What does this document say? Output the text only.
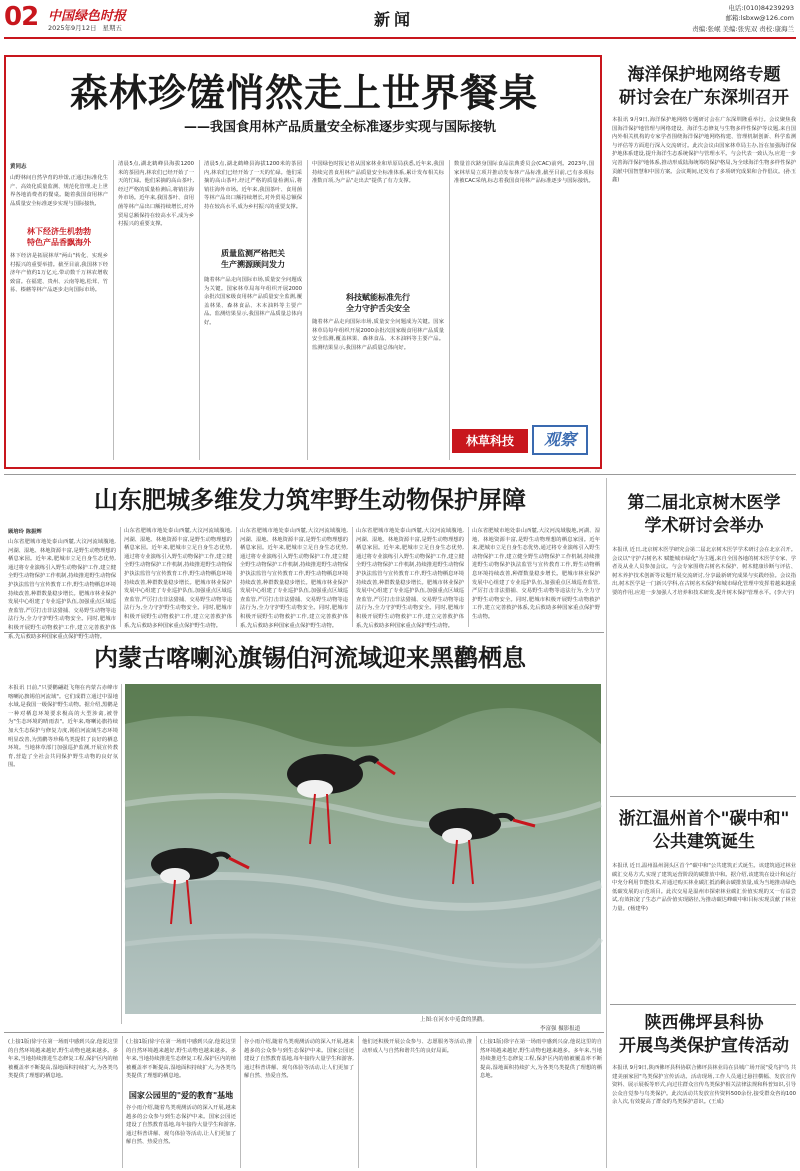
02 中国绿色时报
2025年9月12日 星期五	新闻
电话:(010)84239293
邮箱:lsbxw@126.com
责编:张岷 美编:张宪双 责校:康海兰
森林珍馐悄然走上世界餐桌
——我国食用林产品质量安全标准逐步实现与国际接轨
黄同志
山野林间自然孕育的珍馐,正通过标准化生产、高效化质量监测、规范化管理,走上世界各地消费者的餐桌。随着我国食用林产品质量安全标准逐步实现与国际接轨,
林下经济生机勃勃
特色产品香飘海外
林下经济是拓展林草"两山"转化、实现乡村振兴的重要举措。截至目前,我国林下经济年产值约1万亿元,带动数千万林农增收致富。在福建、贵州、云南等地,松茸、竹荪、榛蘑等林产品逐步走向国际市场。
清晨5点,湖北鹤峰县海拔1200米的茶园内,林农们已经开始了一天的忙碌。他们采摘的高山茶叶,经过严格的质量检测后,将销往海外市场。近年来,我国茶叶、食用菌等林产品出口额持续增长,对外贸易总额保持在较高水平,成为乡村振兴的重要支撑。
清晨5点,湖北鹤峰县海拔1200米的茶园内,林农们已经开始了一天的忙碌。他们采摘的高山茶叶,经过严格的质量检测后,将销往海外市场。近年来,我国茶叶、食用菌等林产品出口额持续增长,对外贸易总额保持在较高水平,成为乡村振兴的重要支撑。
质量监测严格把关
生产溯源顾问发力
随着林产品走向国际市场,质量安全问题成为关键。国家林草局每年组织开展2000余批次国家级食用林产品质量安全监测,覆盖林果、森林食品、木本油料等主要产品。监测结果显示,我国林产品质量总体向好。
中国绿色时报记者从国家林业和草原局获悉,近年来,我国持续完善食用林产品质量安全标准体系,累计发布相关标准数百项,为产品"走出去"提供了有力支撑。
科技赋能标准先行
全力守护舌尖安全
随着林产品走向国际市场,质量安全问题成为关键。国家林草局每年组织开展2000余批次国家级食用林产品质量安全监测,覆盖林果、森林食品、木本油料等主要产品。监测结果显示,我国林产品质量总体向好。
数量首次跻身国际食品法典委员会(CAC)前列。2023年,国家林草局立项并推动发布林产品标准,截至目前,已有多项标准被CAC采纳,标志着我国食用林产品标准逐步与国际接轨。
林草科技	观察
海洋保护地网络专题
研讨会在广东深圳召开
本报讯 9月9日,海洋保护地网络专题研讨会在广东深圳隆重举行。会议聚焦我国海洋保护地管理与网络建设、海洋生态修复与生物多样性保护等议题,来自国内外相关机构的专家学者围绕海洋保护地网络构建、管理机制创新、科学监测与评估等方面进行深入交流研讨。此次会议由国家林草局主办,旨在加强海洋保护地体系建设,提升海洋生态系统保护与管理水平。与会代表一致认为,应进一步完善海洋保护地体系,推动形成陆海统筹的保护格局,为全球海洋生物多样性保护贡献中国智慧和中国方案。会议期间,还发布了多项研究成果和合作倡议。(孙玉鑫)
山东肥城多维发力筑牢野生动物保护屏障
顾培玲 陈振辉
山东省肥城市地处泰山西麓,大汶河流域腹地,河湖、湿地、林地资源丰富,是野生动物理想的栖息家园。近年来,肥城市立足自身生态优势,通过将专业演练引入野生动物保护工作,建立健全野生动物保护工作机制,持续推进野生动物保护执法监管与宣传教育工作,野生动物栖息环境持续改善,种群数量稳步增长。肥城市林业保护发展中心组建了专业巡护队伍,加强重点区域巡查监管,严厉打击非法猎捕、交易野生动物等违法行为,全力守护野生动物安全。同时,肥城市积极开展野生动物救护工作,建立完善救护体系,先后救助多种国家重点保护野生动物。
山东省肥城市地处泰山西麓,大汶河流域腹地,河湖、湿地、林地资源丰富,是野生动物理想的栖息家园。近年来,肥城市立足自身生态优势,通过将专业演练引入野生动物保护工作,建立健全野生动物保护工作机制,持续推进野生动物保护执法监管与宣传教育工作,野生动物栖息环境持续改善,种群数量稳步增长。肥城市林业保护发展中心组建了专业巡护队伍,加强重点区域巡查监管,严厉打击非法猎捕、交易野生动物等违法行为,全力守护野生动物安全。同时,肥城市积极开展野生动物救护工作,建立完善救护体系,先后救助多种国家重点保护野生动物。
山东省肥城市地处泰山西麓,大汶河流域腹地,河湖、湿地、林地资源丰富,是野生动物理想的栖息家园。近年来,肥城市立足自身生态优势,通过将专业演练引入野生动物保护工作,建立健全野生动物保护工作机制,持续推进野生动物保护执法监管与宣传教育工作,野生动物栖息环境持续改善,种群数量稳步增长。肥城市林业保护发展中心组建了专业巡护队伍,加强重点区域巡查监管,严厉打击非法猎捕、交易野生动物等违法行为,全力守护野生动物安全。同时,肥城市积极开展野生动物救护工作,建立完善救护体系,先后救助多种国家重点保护野生动物。
山东省肥城市地处泰山西麓,大汶河流域腹地,河湖、湿地、林地资源丰富,是野生动物理想的栖息家园。近年来,肥城市立足自身生态优势,通过将专业演练引入野生动物保护工作,建立健全野生动物保护工作机制,持续推进野生动物保护执法监管与宣传教育工作,野生动物栖息环境持续改善,种群数量稳步增长。肥城市林业保护发展中心组建了专业巡护队伍,加强重点区域巡查监管,严厉打击非法猎捕、交易野生动物等违法行为,全力守护野生动物安全。同时,肥城市积极开展野生动物救护工作,建立完善救护体系,先后救助多种国家重点保护野生动物。
山东省肥城市地处泰山西麓,大汶河流域腹地,河湖、湿地、林地资源丰富,是野生动物理想的栖息家园。近年来,肥城市立足自身生态优势,通过将专业演练引入野生动物保护工作,建立健全野生动物保护工作机制,持续推进野生动物保护执法监管与宣传教育工作,野生动物栖息环境持续改善,种群数量稳步增长。肥城市林业保护发展中心组建了专业巡护队伍,加强重点区域巡查监管,严厉打击非法猎捕、交易野生动物等违法行为,全力守护野生动物安全。同时,肥城市积极开展野生动物救护工作,建立完善救护体系,先后救助多种国家重点保护野生动物。
第二届北京树木医学
学术研讨会举办
本报讯 近日,北京树木医学研究会第二届北京树木医学学术研讨会在北京召开。会议以"守护古树名木 赋能城市绿化"为主题,来自全国各地的树木医学专家、学者及从业人员参加会议。与会专家围绕古树名木保护、树木健康诊断与评估、树木养护技术创新等议题开展交流研讨,分享最新研究成果与实践经验。会议指出,树木医学是一门新兴学科,在古树名木保护和城市绿化管理中发挥着越来越重要的作用,应进一步加强人才培养和技术研发,提升树木保护管理水平。(李大宇)
内蒙古喀喇沁旗锡伯河流域迎来黑鹳栖息
本报讯 日前,"只要鹳翩跹飞翔在内蒙古赤峰市喀喇沁旗锡伯河流域"。它们成群立通过中湿地水域,是我国一级保护野生动物。据介绍,黑鹳是一种对栖息环境要求极高的大型涉禽,被誉为"生态环境的晴雨表"。近年来,喀喇沁旗持续加大生态保护与修复力度,锡伯河流域生态环境明显改善,为黑鹳等珍稀鸟类提供了良好的栖息环境。当地林草部门加强巡护监测,开展宣传教育,营造了全社会共同保护野生动物的良好氛围。
上图:在河水中觅食的黑鹳。
李富强 摄影报道
浙江温州首个"碳中和"
公共建筑诞生
本报讯 近日,温州温州洞头区首个"碳中和"公共建筑正式诞生。该建筑通过林业碳汇交易方式,实现了建筑运营阶段的碳排放中和。据介绍,该建筑在设计和运行中充分利用节能技术,并通过购买林业碳汇抵消剩余碳排放量,成为当地推动绿色低碳发展的示范项目。此次交易是温州市探索林业碳汇价值实现的又一有益尝试,有效拓宽了生态产品价值实现路径,为推动碳达峰碳中和目标实现贡献了林业力量。(杨建华)
(上接1版)徐宇在第一场雨中感到兴奋,他说这里的自然环境越来越好,野生动物也越来越多。多年来,当地持续推进生态修复工程,保护区内的植被覆盖率不断提高,湿地面积持续扩大,为各类鸟类提供了理想的栖息地。
(上接1版)徐宇在第一场雨中感到兴奋,他说这里的自然环境越来越好,野生动物也越来越多。多年来,当地持续推进生态修复工程,保护区内的植被覆盖率不断提高,湿地面积持续扩大,为各类鸟类提供了理想的栖息地。
国家公园里的"爱的教育"基地
谷小雨介绍,随着鸟类观测活动的深入开展,越来越多的公众参与到生态保护中来。国家公园还建设了自然教育基地,每年接待大量学生和游客,通过科普讲解、观鸟体验等活动,让人们更加了解自然、热爱自然。
谷小雨介绍,随着鸟类观测活动的深入开展,越来越多的公众参与到生态保护中来。国家公园还建设了自然教育基地,每年接待大量学生和游客,通过科普讲解、观鸟体验等活动,让人们更加了解自然、热爱自然。
他们还积极开展公众参与、志愿服务等活动,推动形成人与自然和谐共生的良好局面。
(上接1版)徐宇在第一场雨中感到兴奋,他说这里的自然环境越来越好,野生动物也越来越多。多年来,当地持续推进生态修复工程,保护区内的植被覆盖率不断提高,湿地面积持续扩大,为各类鸟类提供了理想的栖息地。
陕西佛坪县科协
开展鸟类保护宣传活动
本报讯 9月9日,陕西佛坪县科协联合佛坪县林业局在县城广场开展"爱鸟护鸟 共建美丽家园"鸟类保护宣传活动。活动现场,工作人员通过悬挂横幅、发放宣传资料、展示展板等形式,向过往群众宣传鸟类保护相关法律法规和科普知识,引导公众自觉参与鸟类保护。此次活动共发放宣传资料500余份,接受群众咨询100余人次,有效提高了群众的鸟类保护意识。(王成)
